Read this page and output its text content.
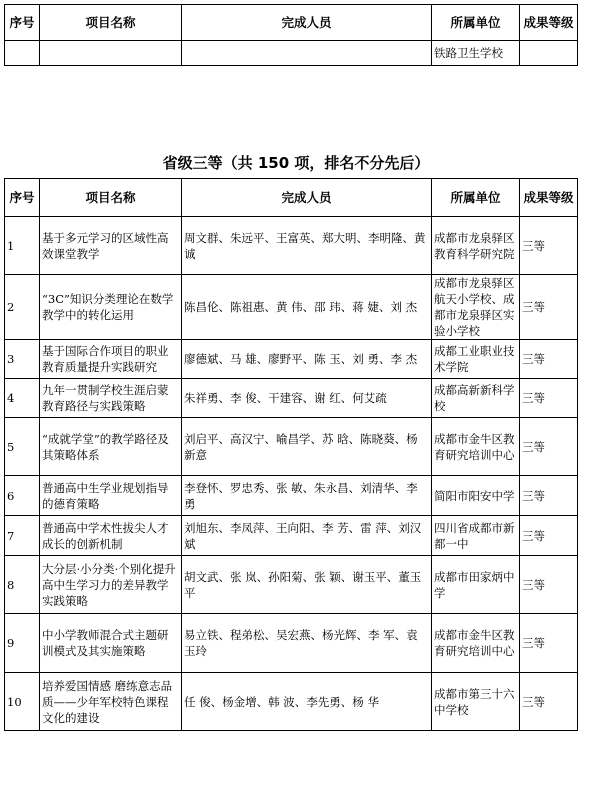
序号	项目名称	完成人员	所属单位	成果等级
			铁路卫生学校	
省级三等（共 150 项，排名不分先后）
序号	项目名称	完成人员	所属单位	成果等级
1	基于多元学习的区域性高效课堂教学	周文群、朱远平、王富英、郑大明、李明隆、黄 诚	成都市龙泉驿区教育科学研究院	三等
2	“3C”知识分类理论在数学教学中的转化运用	陈昌伦、陈祖惠、黄 伟、邵 玮、蒋 婕、刘 杰	成都市龙泉驿区航天小学校、成都市龙泉驿区实验小学校	三等
3	基于国际合作项目的职业教育质量提升实践研究	廖德斌、马 雄、廖野平、陈 玉、刘 勇、李 杰	成都工业职业技术学院	三等
4	九年一贯制学校生涯启蒙教育路径与实践策略	朱祥勇、李 俊、干建容、谢 红、何艾疏	成都高新新科学校	三等
5	“成就学堂”的教学路径及其策略体系	刘启平、高汉宁、喻昌学、苏 晗、陈晓葵、杨新意	成都市金牛区教育研究培训中心	三等
6	普通高中生学业规划指导的德育策略	李登怀、罗忠秀、张 敏、朱永昌、刘清华、李 勇	简阳市阳安中学	三等
7	普通高中学术性拔尖人才成长的创新机制	刘旭东、李凤萍、王向阳、李 芳、雷 萍、刘汉斌	四川省成都市新都一中	三等
8	大分层·小分类·个别化提升高中生学习力的差异教学实践策略	胡文武、张 岚、孙阳菊、张 颖、谢玉平、董玉平	成都市田家炳中学	三等
9	中小学教师混合式主题研训模式及其实施策略	易立铁、程弟松、吴宏燕、杨光辉、李 军、袁玉玲	成都市金牛区教育研究培训中心	三等
10	培养爱国情感 磨练意志品质——少年军校特色课程文化的建设	任 俊、杨金增、韩 波、李先勇、杨 华	成都市第三十六中学校	三等
